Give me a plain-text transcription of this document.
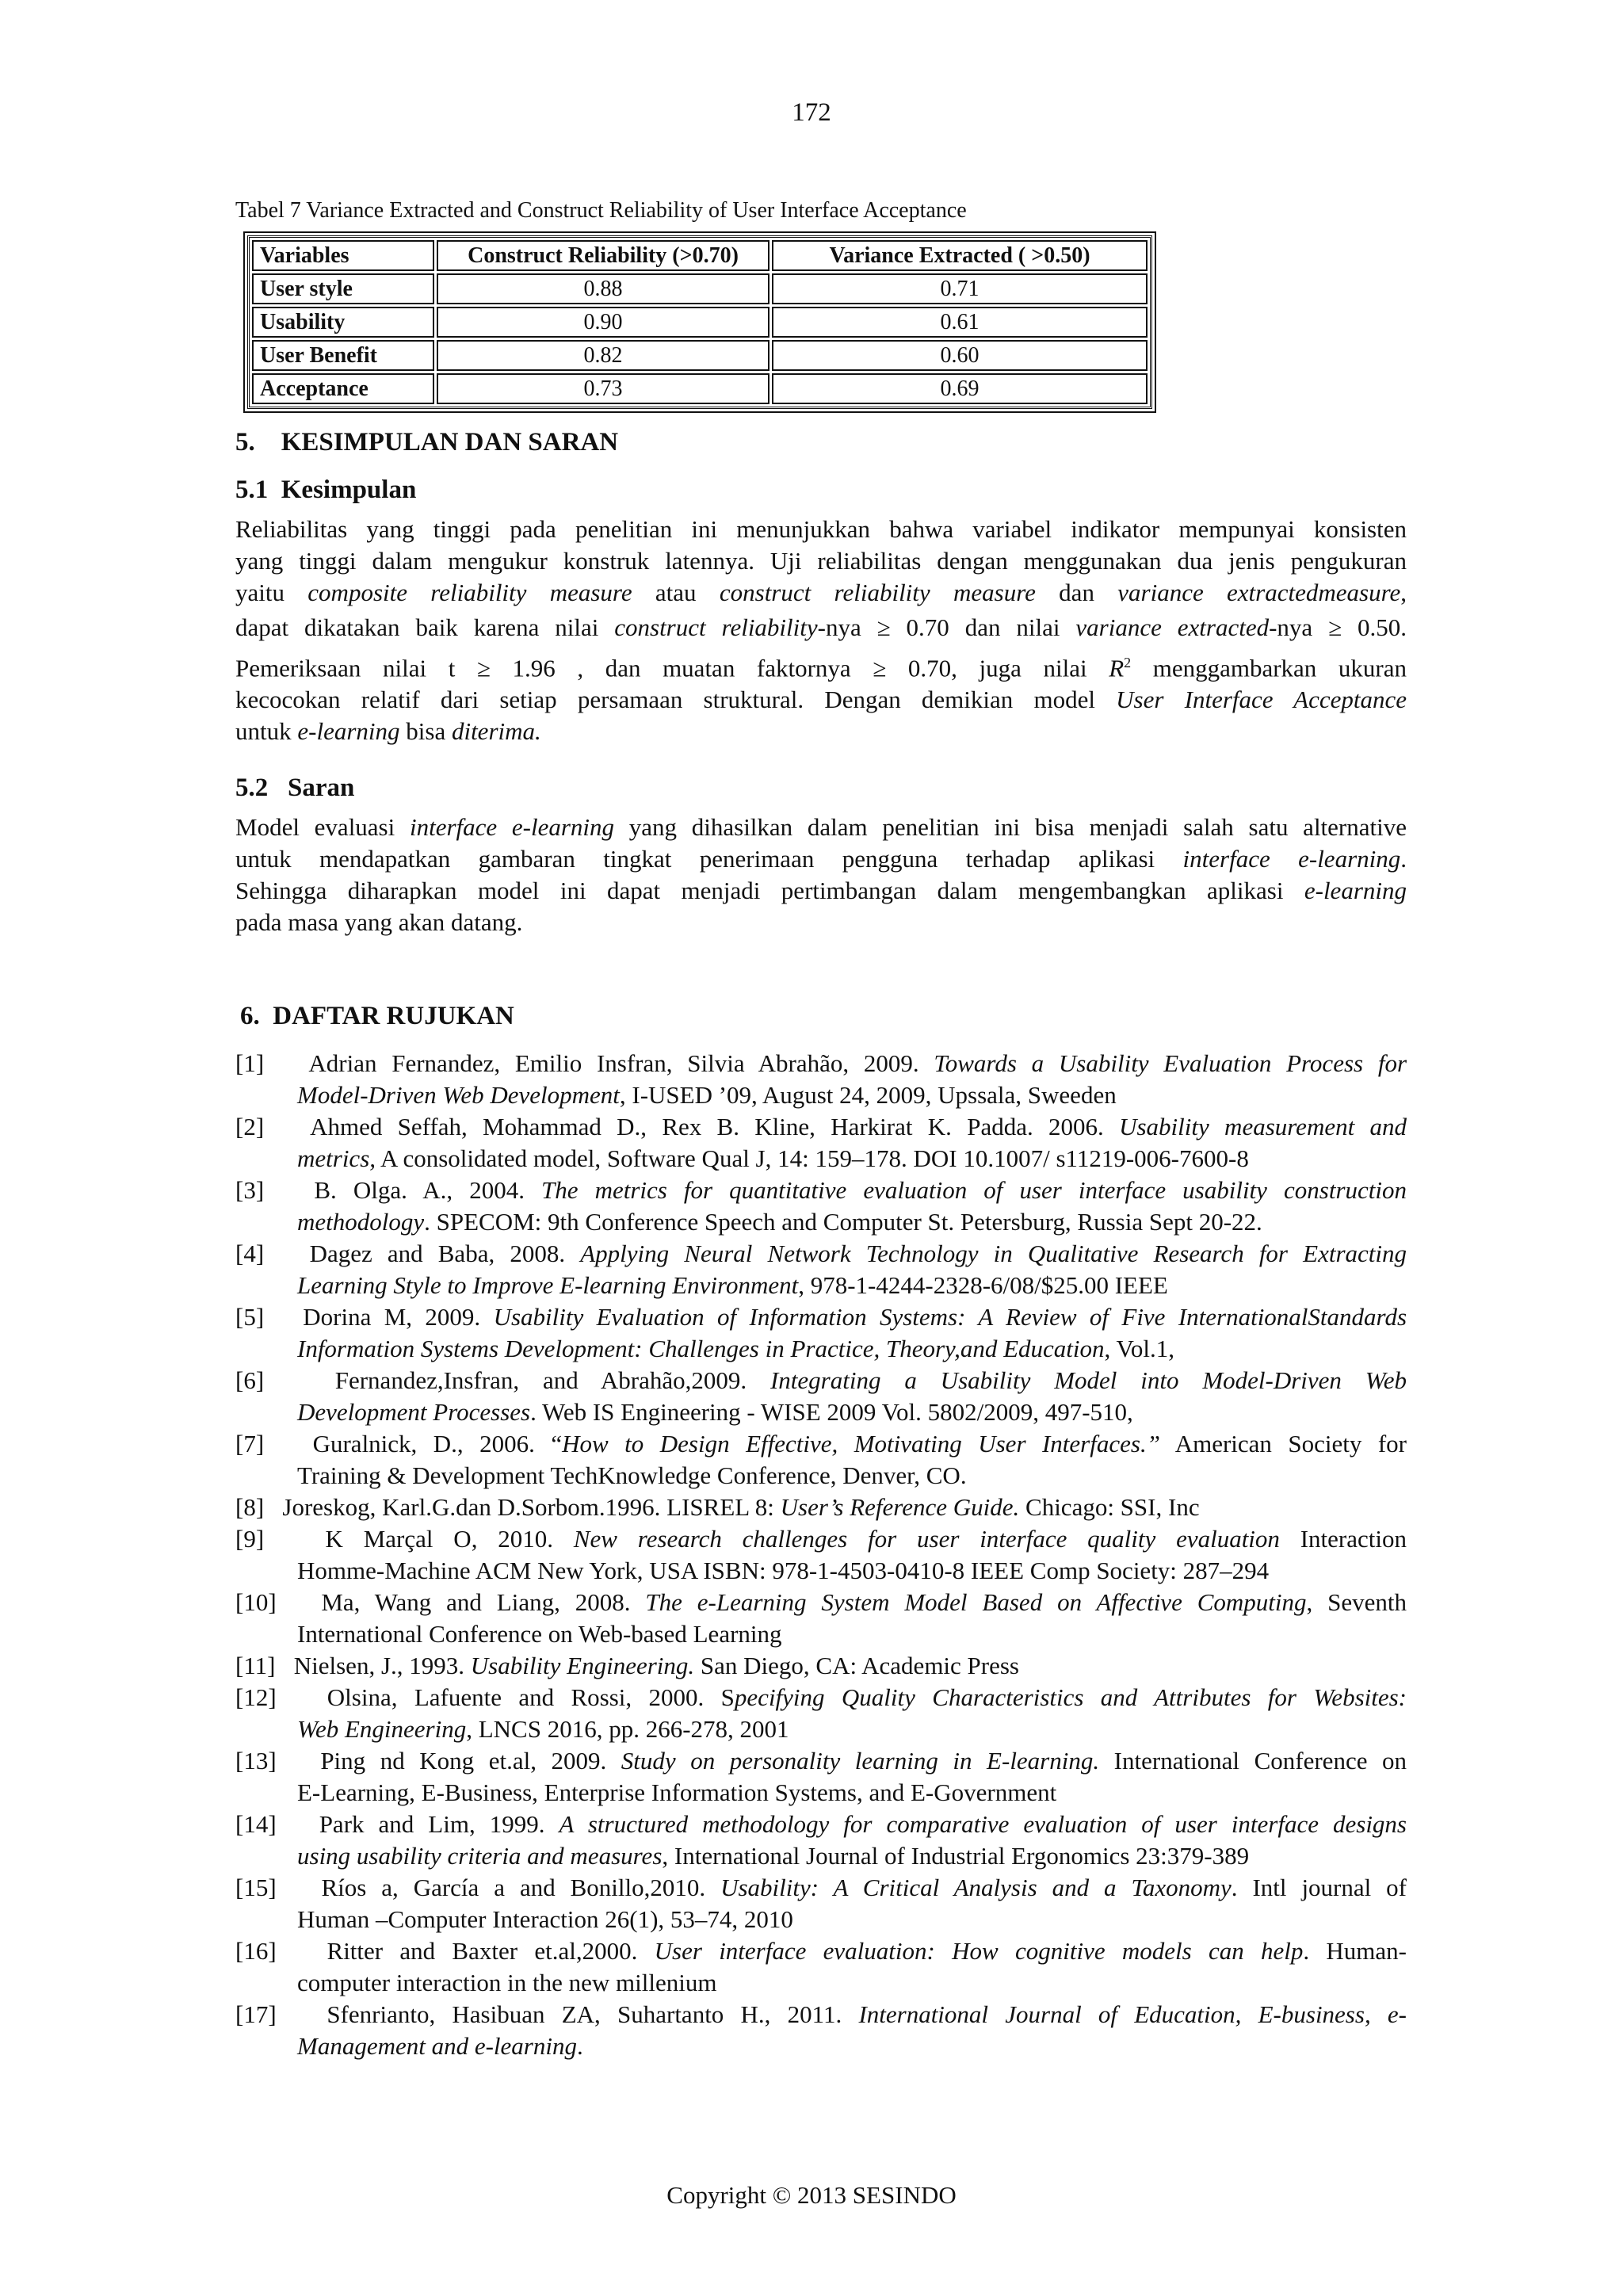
172
Tabel 7 Variance Extracted and Construct Reliability of User Interface Acceptance
Variables	Construct Reliability (>0.70)	Variance Extracted ( >0.50)
User style	0.88	0.71
Usability	0.90	0.61
User Benefit	0.82	0.60
Acceptance	0.73	0.69
5.    KESIMPULAN DAN SARAN
5.1  Kesimpulan
Reliabilitas yang tinggi pada penelitian ini menunjukkan bahwa variabel indikator mempunyai konsisten
yang tinggi dalam mengukur konstruk latennya. Uji reliabilitas dengan menggunakan dua jenis pengukuran
yaitu composite reliability measure atau construct reliability measure dan variance extractedmeasure,
dapat dikatakan baik karena nilai construct reliability-nya ≥ 0.70 dan nilai variance extracted-nya ≥ 0.50.
Pemeriksaan nilai t ≥ 1.96 , dan muatan faktornya ≥ 0.70, juga nilai $R^2$ menggambarkan ukuran
kecocokan relatif dari setiap persamaan struktural. Dengan demikian model User Interface Acceptance
untuk e-learning bisa diterima.
5.2   Saran
Model evaluasi interface e-learning yang dihasilkan dalam penelitian ini bisa menjadi salah satu alternative
untuk mendapatkan gambaran tingkat penerimaan pengguna terhadap aplikasi interface e-learning.
Sehingga diharapkan model ini dapat menjadi pertimbangan dalam mengembangkan aplikasi e-learning
pada masa yang akan datang.
6.  DAFTAR RUJUKAN
[1] Adrian Fernandez, Emilio Insfran, Silvia Abrahão, 2009. Towards a Usability Evaluation Process for
Model-Driven Web Development, I-USED ’09, August 24, 2009, Upssala, Sweeden
[2] Ahmed Seffah, Mohammad D., Rex B. Kline, Harkirat K. Padda. 2006. Usability measurement and
metrics, A consolidated model, Software Qual J, 14: 159–178. DOI 10.1007/ s11219-006-7600-8
[3] B. Olga. A., 2004. The metrics for quantitative evaluation of user interface usability construction
methodology. SPECOM: 9th Conference Speech and Computer St. Petersburg, Russia Sept 20-22.
[4] Dagez and Baba, 2008. Applying Neural Network Technology in Qualitative Research for Extracting
Learning Style to Improve E-learning Environment, 978-1-4244-2328-6/08/$25.00 IEEE
[5] Dorina M, 2009. Usability Evaluation of Information Systems: A Review of Five InternationalStandards
Information Systems Development: Challenges in Practice, Theory,and Education, Vol.1,
[6]	Fernandez,Insfran, and Abrahão,2009. Integrating a Usability Model into Model-Driven Web
Development Processes. Web IS Engineering - WISE 2009 Vol. 5802/2009, 497-510,
[7] Guralnick, D., 2006. “How to Design Effective, Motivating User Interfaces.” American Society for
Training & Development TechKnowledge Conference, Denver, CO.
[8] Joreskog, Karl.G.dan D.Sorbom.1996. LISREL 8: User’s Reference Guide. Chicago: SSI, Inc
[9] K Marçal O, 2010. New research challenges for user interface quality evaluation Interaction
Homme-Machine ACM New York, USA ISBN: 978-1-4503-0410-8 IEEE Comp Society: 287–294
[10] Ma, Wang and Liang, 2008. The e-Learning System Model Based on Affective Computing, Seventh
International Conference on Web-based Learning
[11] Nielsen, J., 1993. Usability Engineering. San Diego, CA: Academic Press
[12] Olsina, Lafuente and Rossi, 2000. Specifying Quality Characteristics and Attributes for Websites:
Web Engineering, LNCS 2016, pp. 266-278, 2001
[13] Ping nd Kong et.al, 2009. Study on personality learning in E-learning. International Conference on
E-Learning, E-Business, Enterprise Information Systems, and E-Government
[14] Park and Lim, 1999. A structured methodology for comparative evaluation of user interface designs
using usability criteria and measures, International Journal of Industrial Ergonomics 23:379-389
[15] Ríos a, García a and Bonillo,2010. Usability: A Critical Analysis and a Taxonomy. Intl journal of
Human –Computer Interaction 26(1), 53–74, 2010
[16] Ritter and Baxter et.al,2000. User interface evaluation: How cognitive models can help. Human-
computer interaction in the new millenium
[17] Sfenrianto, Hasibuan ZA, Suhartanto H., 2011. International Journal of Education, E-business, e-
Management and e-learning.
Copyright © 2013 SESINDO
